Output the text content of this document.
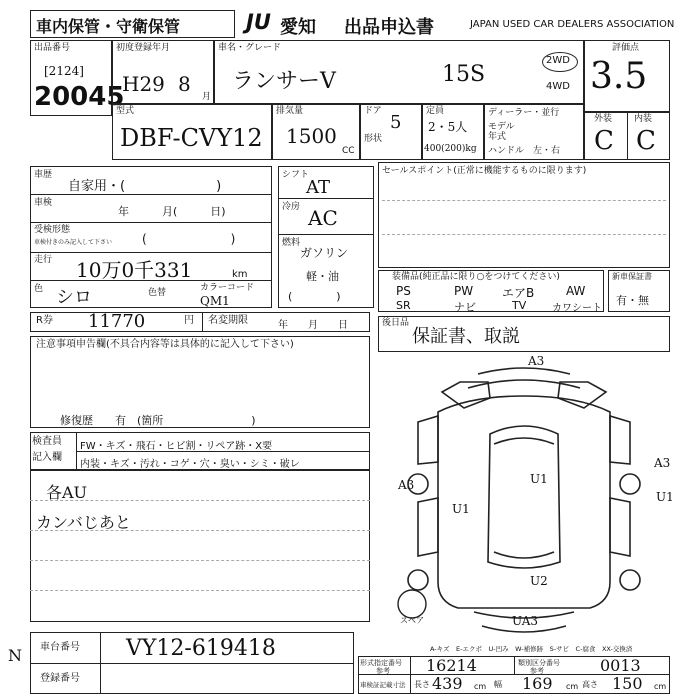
車内保管・守衛保管	JU 愛知 出品申込書	JAPAN USED CAR DEALERS ASSOCIATION
出品番号
[2124]
20045
初度登録年月
H29 8
月
車名・グレード
ランサーⅤ	15S
2WD
4WD
評価点
3.5
型式
DBF-CVY12
排気量
1500
CC
ドア
5
形状
定員
2・5人
400(200)kg
ディーラー・並行
モデル
年式
ハンドル　左・右
外装 内装
C C
車歴
自家用・(　　　　　　　)
車検
年　　　月(　　　日)
受検形態
車検付きのみ記入して下さい (　　　　　　　)
走行 10万0千331	km
色 シロ	色替	カラーコード
QM1
シフト
AT
冷房 AC
燃料
ガソリン
軽・油
(　　　　)
セールスポイント(正常に機能するものに限ります)
装備品(純正品に限り○をつけてください)
PS	PW エアB	AW
SR	ナビ	TV	カワシート
新車保証書
有・無
R券 11770	円 名変期限	年　　月　　日	後日品
保証書、取説
注意事項申告欄(不具合内容等は具体的に記入して下さい)
修復歴　　有　(箇所　　　　　　　　)
検査員
記入欄
FW・キズ・飛石・ヒビ割・リペア跡・X要
内装・キズ・汚れ・コゲ・穴・臭い・シミ・破レ
各AU
カンバじあと
A3
A3
A3
U1
U1
U1
U2
UA3
スペア
A-キズ　E-エクボ　U-凹み　W-補修跡　S-サビ　C-腐食　XX-交換済
N 車台番号 VY12-619418
登録番号
形式指定番号
参考 16214	類別区分番号
参考	0013
車検証記載寸法 長さ 439 cm 幅 169 cm 高さ 150 cm
